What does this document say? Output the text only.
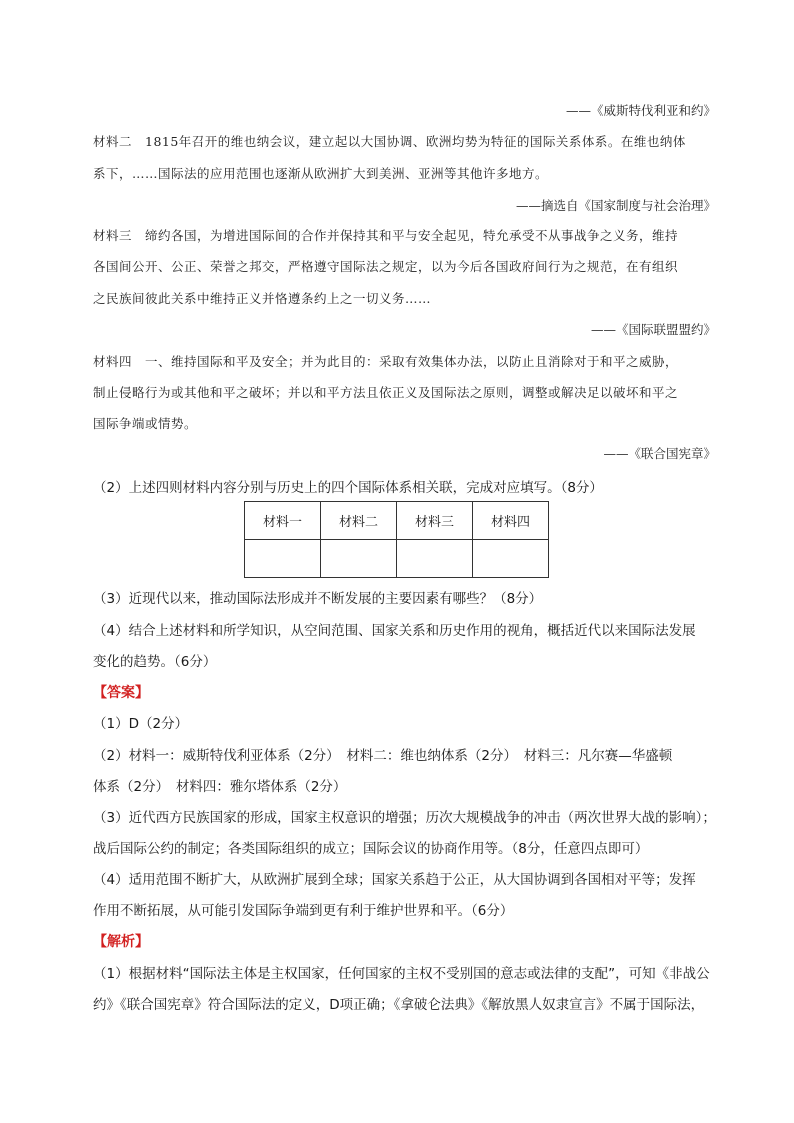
——《威斯特伐利亚和约》
材料二　1815年召开的维也纳会议，建立起以大国协调、欧洲均势为特征的国际关系体系。在维也纳体
系下，……国际法的应用范围也逐渐从欧洲扩大到美洲、亚洲等其他许多地方。
——摘选自《国家制度与社会治理》
材料三　缔约各国，为增进国际间的合作并保持其和平与安全起见，特允承受不从事战争之义务，维持
各国间公开、公正、荣誉之邦交，严格遵守国际法之规定，以为今后各国政府间行为之规范，在有组织
之民族间彼此关系中维持正义并恪遵条约上之一切义务……
——《国际联盟盟约》
材料四　一、维持国际和平及安全；并为此目的：采取有效集体办法，以防止且消除对于和平之威胁，
制止侵略行为或其他和平之破坏；并以和平方法且依正义及国际法之原则，调整或解决足以破坏和平之
国际争端或情势。
——《联合国宪章》
（2）上述四则材料内容分别与历史上的四个国际体系相关联，完成对应填写。（8分）
材料一	材料二	材料三	材料四

（3）近现代以来，推动国际法形成并不断发展的主要因素有哪些？（8分）
（4）结合上述材料和所学知识，从空间范围、国家关系和历史作用的视角，概括近代以来国际法发展
变化的趋势。（6分）
【答案】
（1）D（2分）
（2）材料一：威斯特伐利亚体系（2分）　材料二：维也纳体系（2分）　材料三：凡尔赛—华盛顿
体系（2分）　材料四：雅尔塔体系（2分）
（3）近代西方民族国家的形成，国家主权意识的增强；历次大规模战争的冲击（两次世界大战的影响）；
战后国际公约的制定；各类国际组织的成立；国际会议的协商作用等。（8分，任意四点即可）
（4）适用范围不断扩大，从欧洲扩展到全球；国家关系趋于公正，从大国协调到各国相对平等；发挥
作用不断拓展，从可能引发国际争端到更有利于维护世界和平。（6分）
【解析】
（1）根据材料“国际法主体是主权国家，任何国家的主权不受别国的意志或法律的支配”，可知《非战公
约》《联合国宪章》符合国际法的定义，D项正确；《拿破仑法典》《解放黑人奴隶宣言》不属于国际法，
